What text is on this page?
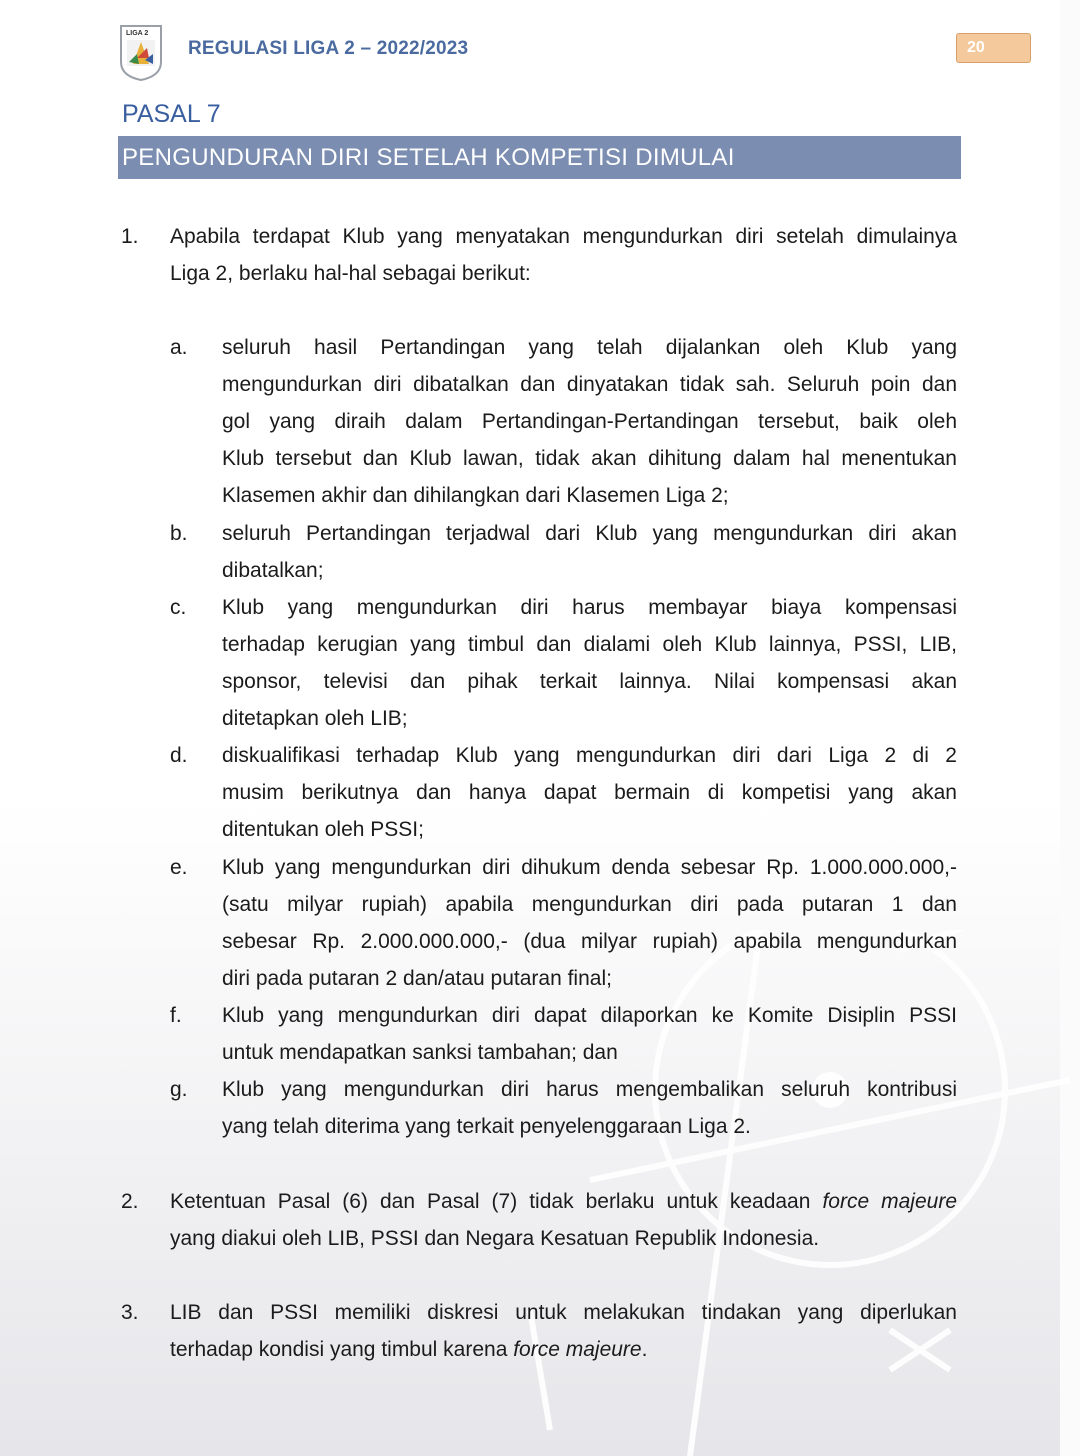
LIGA 2
REGULASI LIGA 2 – 2022/2023	20
PASAL 7
PENGUNDURAN DIRI SETELAH KOMPETISI DIMULAI
1. Apabila terdapat Klub yang menyatakan mengundurkan diri setelah dimulainya

Liga 2, berlaku hal-hal sebagai berikut:

a. seluruh hasil Pertandingan yang telah dijalankan oleh Klub yang

mengundurkan diri dibatalkan dan dinyatakan tidak sah. Seluruh poin dan

gol yang diraih dalam Pertandingan-Pertandingan tersebut, baik oleh

Klub tersebut dan Klub lawan, tidak akan dihitung dalam hal menentukan

Klasemen akhir dan dihilangkan dari Klasemen Liga 2;

b. seluruh Pertandingan terjadwal dari Klub yang mengundurkan diri akan

dibatalkan;

c. Klub yang mengundurkan diri harus membayar biaya kompensasi

terhadap kerugian yang timbul dan dialami oleh Klub lainnya, PSSI, LIB,

sponsor, televisi dan pihak terkait lainnya. Nilai kompensasi akan

ditetapkan oleh LIB;

d. diskualifikasi terhadap Klub yang mengundurkan diri dari Liga 2 di 2

musim berikutnya dan hanya dapat bermain di kompetisi yang akan

ditentukan oleh PSSI;

e. Klub yang mengundurkan diri dihukum denda sebesar Rp. 1.000.000.000,-

(satu milyar rupiah) apabila mengundurkan diri pada putaran 1 dan

sebesar Rp. 2.000.000.000,- (dua milyar rupiah) apabila mengundurkan

diri pada putaran 2 dan/atau putaran final;

f. Klub yang mengundurkan diri dapat dilaporkan ke Komite Disiplin PSSI

untuk mendapatkan sanksi tambahan; dan

g. Klub yang mengundurkan diri harus mengembalikan seluruh kontribusi

yang telah diterima yang terkait penyelenggaraan Liga 2.

2. Ketentuan Pasal (6) dan Pasal (7) tidak berlaku untuk keadaan force majeure

yang diakui oleh LIB, PSSI dan Negara Kesatuan Republik Indonesia.

3. LIB dan PSSI memiliki diskresi untuk melakukan tindakan yang diperlukan

terhadap kondisi yang timbul karena force majeure.
